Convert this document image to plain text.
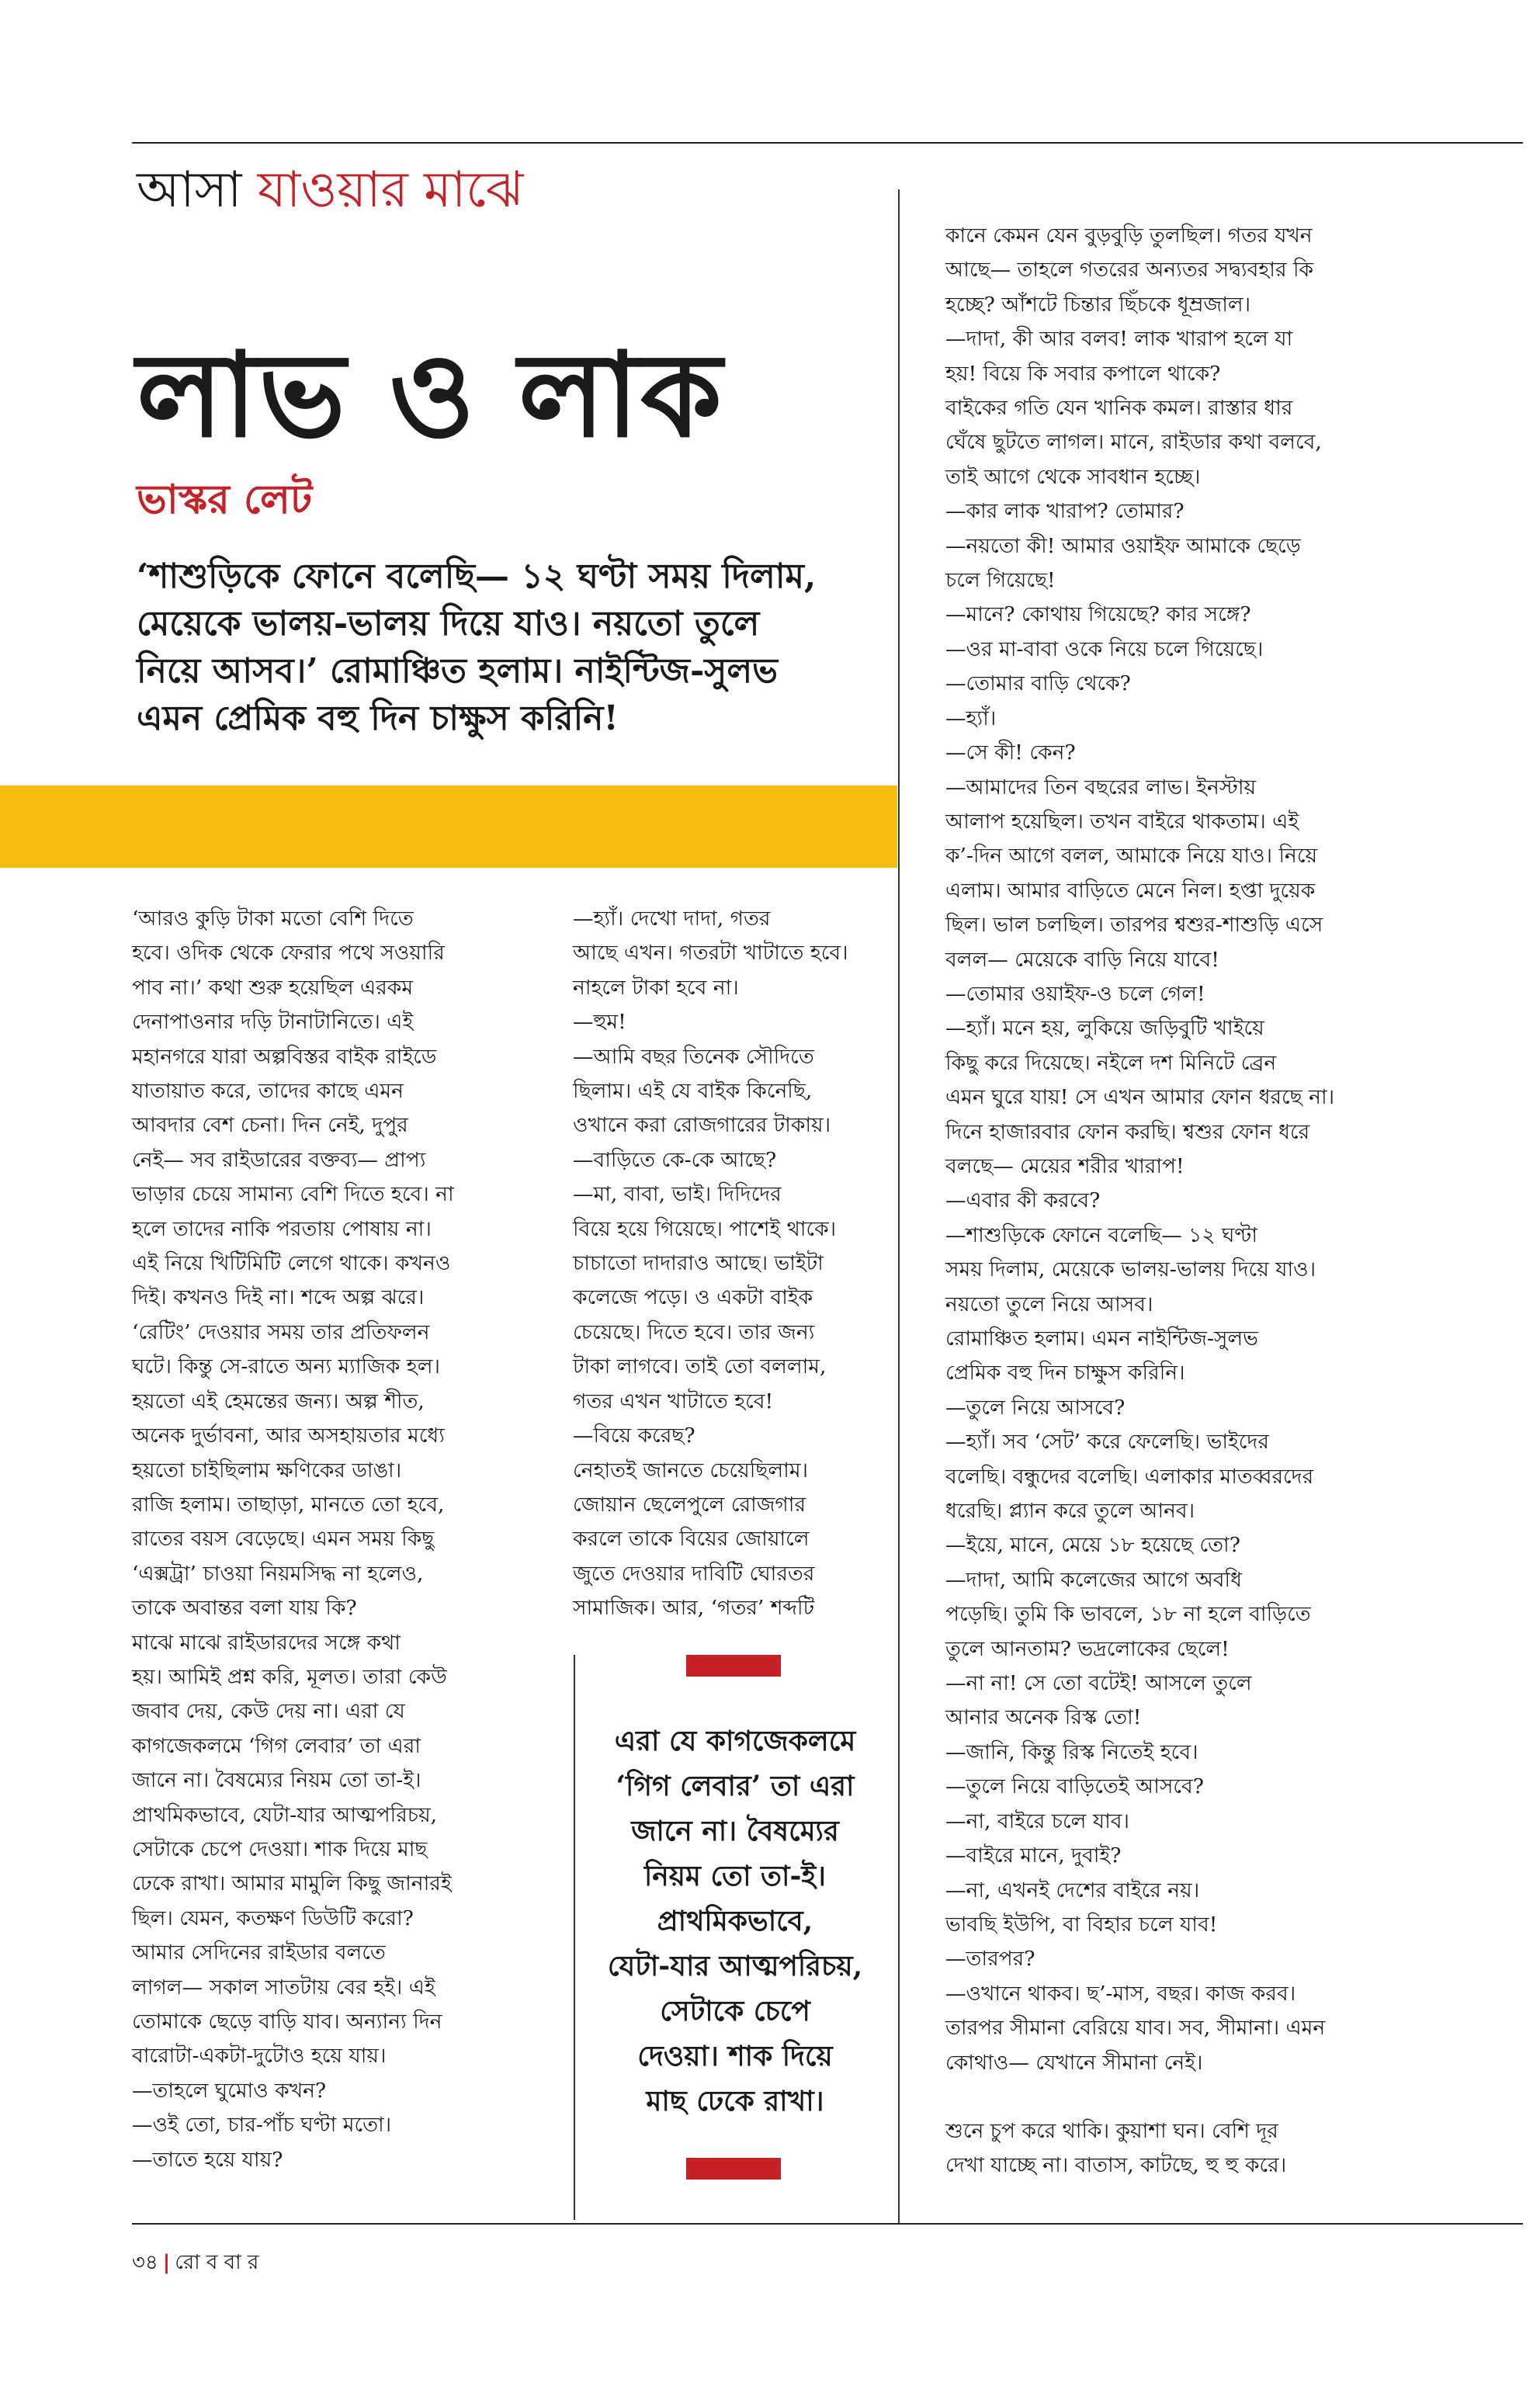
আসা যাওয়ার মাঝে
লাভ ও লাক
ভাস্কর লেট

‘শাশুড়িকে ফোনে বলেছি— ১২ ঘণ্টা সময় দিলাম,

মেয়েকে ভালয়-ভালয় দিয়ে যাও। নয়তো তুলে

নিয়ে আসব।’ রোমাঞ্চিত হলাম। নাইন্টিজ-সুলভ

এমন প্রেমিক বহু দিন চাক্ষুস করিনি!

‘আরও কুড়ি টাকা মতো বেশি দিতে

হবে। ওদিক থেকে ফেরার পথে সওয়ারি

পাব না।’ কথা শুরু হয়েছিল এরকম

দেনাপাওনার দড়ি টানাটানিতে। এই

মহানগরে যারা অল্পবিস্তর বাইক রাইডে

যাতায়াত করে, তাদের কাছে এমন

আবদার বেশ চেনা। দিন নেই, দুপুর

নেই— সব রাইডারের বক্তব্য— প্রাপ্য

ভাড়ার চেয়ে সামান্য বেশি দিতে হবে। না

হলে তাদের নাকি পরতায় পোষায় না।

এই নিয়ে খিটিমিটি লেগে থাকে। কখনও

দিই। কখনও দিই না। শব্দে অল্প ঝরে।

‘রেটিং’ দেওয়ার সময় তার প্রতিফলন

ঘটে। কিন্তু সে-রাতে অন্য ম্যাজিক হল।

হয়তো এই হেমন্তের জন্য। অল্প শীত,

অনেক দুর্ভাবনা, আর অসহায়তার মধ্যে

হয়তো চাইছিলাম ক্ষণিকের ডাঙা।

রাজি হলাম। তাছাড়া, মানতে তো হবে,

রাতের বয়স বেড়েছে। এমন সময় কিছু

‘এক্সট্রা’ চাওয়া নিয়মসিদ্ধ না হলেও,

তাকে অবান্তর বলা যায় কি?

মাঝে মাঝে রাইডারদের সঙ্গে কথা

হয়। আমিই প্রশ্ন করি, মূলত। তারা কেউ

জবাব দেয়, কেউ দেয় না। এরা যে

কাগজেকলমে ‘গিগ লেবার’ তা এরা

জানে না। বৈষম্যের নিয়ম তো তা-ই।

প্রাথমিকভাবে, যেটা-যার আত্মপরিচয়,

সেটাকে চেপে দেওয়া। শাক দিয়ে মাছ

ঢেকে রাখা। আমার মামুলি কিছু জানারই

ছিল। যেমন, কতক্ষণ ডিউটি করো?

আমার সেদিনের রাইডার বলতে

লাগল— সকাল সাতটায় বের হই। এই

তোমাকে ছেড়ে বাড়ি যাব। অন্যান্য দিন

বারোটা-একটা-দুটোও হয়ে যায়।

—তাহলে ঘুমোও কখন?

—ওই তো, চার-পাঁচ ঘণ্টা মতো।

—তাতে হয়ে যায়?

—হ্যাঁ। দেখো দাদা, গতর

আছে এখন। গতরটা খাটাতে হবে।

নাহলে টাকা হবে না।

—হুম!

—আমি বছর তিনেক সৌদিতে

ছিলাম। এই যে বাইক কিনেছি,

ওখানে করা রোজগারের টাকায়।

—বাড়িতে কে-কে আছে?

—মা, বাবা, ভাই। দিদিদের

বিয়ে হয়ে গিয়েছে। পাশেই থাকে।

চাচাতো দাদারাও আছে। ভাইটা

কলেজে পড়ে। ও একটা বাইক

চেয়েছে। দিতে হবে। তার জন্য

টাকা লাগবে। তাই তো বললাম,

গতর এখন খাটাতে হবে!

—বিয়ে করেছ?

নেহাতই জানতে চেয়েছিলাম।

জোয়ান ছেলেপুলে রোজগার

করলে তাকে বিয়ের জোয়ালে

জুতে দেওয়ার দাবিটি ঘোরতর

সামাজিক। আর, ‘গতর’ শব্দটি

এরা যে কাগজেকলমে

‘গিগ লেবার’ তা এরা

জানে না। বৈষম্যের

নিয়ম তো তা-ই।

প্রাথমিকভাবে,

যেটা-যার আত্মপরিচয়,

সেটাকে চেপে

দেওয়া। শাক দিয়ে

মাছ ঢেকে রাখা।

কানে কেমন যেন বুড়বুড়ি তুলছিল। গতর যখন

আছে— তাহলে গতরের অন্যতর সদ্ব্যবহার কি

হচ্ছে? আঁশটে চিন্তার ছিঁচকে ধূম্রজাল।

—দাদা, কী আর বলব! লাক খারাপ হলে যা

হয়! বিয়ে কি সবার কপালে থাকে?

বাইকের গতি যেন খানিক কমল। রাস্তার ধার

ঘেঁষে ছুটতে লাগল। মানে, রাইডার কথা বলবে,

তাই আগে থেকে সাবধান হচ্ছে।

—কার লাক খারাপ? তোমার?

—নয়তো কী! আমার ওয়াইফ আমাকে ছেড়ে

চলে গিয়েছে!

—মানে? কোথায় গিয়েছে? কার সঙ্গে?

—ওর মা-বাবা ওকে নিয়ে চলে গিয়েছে।

—তোমার বাড়ি থেকে?

—হ্যাঁ।

—সে কী! কেন?

—আমাদের তিন বছরের লাভ। ইনস্টায়

আলাপ হয়েছিল। তখন বাইরে থাকতাম। এই

ক’-দিন আগে বলল, আমাকে নিয়ে যাও। নিয়ে

এলাম। আমার বাড়িতে মেনে নিল। হপ্তা দুয়েক

ছিল। ভাল চলছিল। তারপর শ্বশুর-শাশুড়ি এসে

বলল— মেয়েকে বাড়ি নিয়ে যাবে!

—তোমার ওয়াইফ-ও চলে গেল!

—হ্যাঁ। মনে হয়, লুকিয়ে জড়িবুটি খাইয়ে

কিছু করে দিয়েছে। নইলে দশ মিনিটে ব্রেন

এমন ঘুরে যায়! সে এখন আমার ফোন ধরছে না।

দিনে হাজারবার ফোন করছি। শ্বশুর ফোন ধরে

বলছে— মেয়ের শরীর খারাপ!

—এবার কী করবে?

—শাশুড়িকে ফোনে বলেছি— ১২ ঘণ্টা

সময় দিলাম, মেয়েকে ভালয়-ভালয় দিয়ে যাও।

নয়তো তুলে নিয়ে আসব।

রোমাঞ্চিত হলাম। এমন নাইন্টিজ-সুলভ

প্রেমিক বহু দিন চাক্ষুস করিনি।

—তুলে নিয়ে আসবে?

—হ্যাঁ। সব ‘সেট’ করে ফেলেছি। ভাইদের

বলেছি। বন্ধুদের বলেছি। এলাকার মাতব্বরদের

ধরেছি। প্ল্যান করে তুলে আনব।

—ইয়ে, মানে, মেয়ে ১৮ হয়েছে তো?

—দাদা, আমি কলেজের আগে অবধি

পড়েছি। তুমি কি ভাবলে, ১৮ না হলে বাড়িতে

তুলে আনতাম? ভদ্রলোকের ছেলে!

—না না! সে তো বটেই! আসলে তুলে

আনার অনেক রিস্ক তো!

—জানি, কিন্তু রিস্ক নিতেই হবে।

—তুলে নিয়ে বাড়িতেই আসবে?

—না, বাইরে চলে যাব।

—বাইরে মানে, দুবাই?

—না, এখনই দেশের বাইরে নয়।

ভাবছি ইউপি, বা বিহার চলে যাব!

—তারপর?

—ওখানে থাকব। ছ’-মাস, বছর। কাজ করব।

তারপর সীমানা বেরিয়ে যাব। সব, সীমানা। এমন

কোথাও— যেখানে সীমানা নেই।

শুনে চুপ করে থাকি। কুয়াশা ঘন। বেশি দূর

দেখা যাচ্ছে না। বাতাস, কাটছে, হু হু করে।

৩৪ | রো ব বা র
